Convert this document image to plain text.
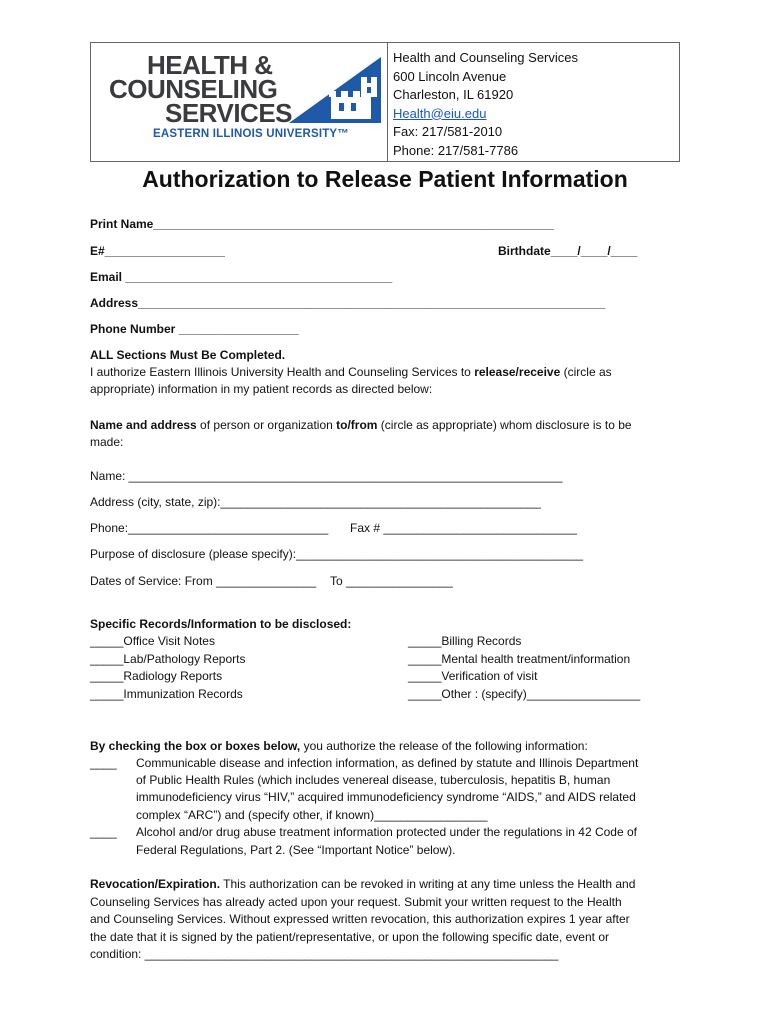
HEALTH &
COUNSELING
SERVICES
EASTERN ILLINOIS UNIVERSITY™
Health and Counseling Services
600 Lincoln Avenue
Charleston, IL 61920
Health@eiu.edu
Fax: 217/581-2010
Phone: 217/581-7786
Authorization to Release Patient Information
Print Name____________________________________________________________
E#__________________	Birthdate____/____/____
Email ________________________________________
Address______________________________________________________________________
Phone Number __________________
ALL Sections Must Be Completed.
I authorize Eastern Illinois University Health and Counseling Services to release/receive (circle as
appropriate) information in my patient records as directed below:
Name and address of person or organization to/from (circle as appropriate) whom disclosure is to be
made:
Name: _________________________________________________________________
Address (city, state, zip):________________________________________________
Phone:______________________________ Fax # _____________________________
Purpose of disclosure (please specify):___________________________________________
Dates of Service: From _______________ To ________________
Specific Records/Information to be disclosed:
_____Office Visit Notes
_____Lab/Pathology Reports
_____Radiology Reports
_____Immunization Records
_____Billing Records
_____Mental health treatment/information
_____Verification of visit
_____Other : (specify)_________________
By checking the box or boxes below, you authorize the release of the following information:
____ Communicable disease and infection information, as defined by statute and Illinois Department
of Public Health Rules (which includes venereal disease, tuberculosis, hepatitis B, human
immunodeficiency virus “HIV,” acquired immunodeficiency syndrome “AIDS,” and AIDS related
complex “ARC”) and (specify other, if known)_________________
____ Alcohol and/or drug abuse treatment information protected under the regulations in 42 Code of
Federal Regulations, Part 2. (See “Important Notice” below).
Revocation/Expiration. This authorization can be revoked in writing at any time unless the Health and
Counseling Services has already acted upon your request. Submit your written request to the Health
and Counseling Services. Without expressed written revocation, this authorization expires 1 year after
the date that it is signed by the patient/representative, or upon the following specific date, event or
condition: ______________________________________________________________
